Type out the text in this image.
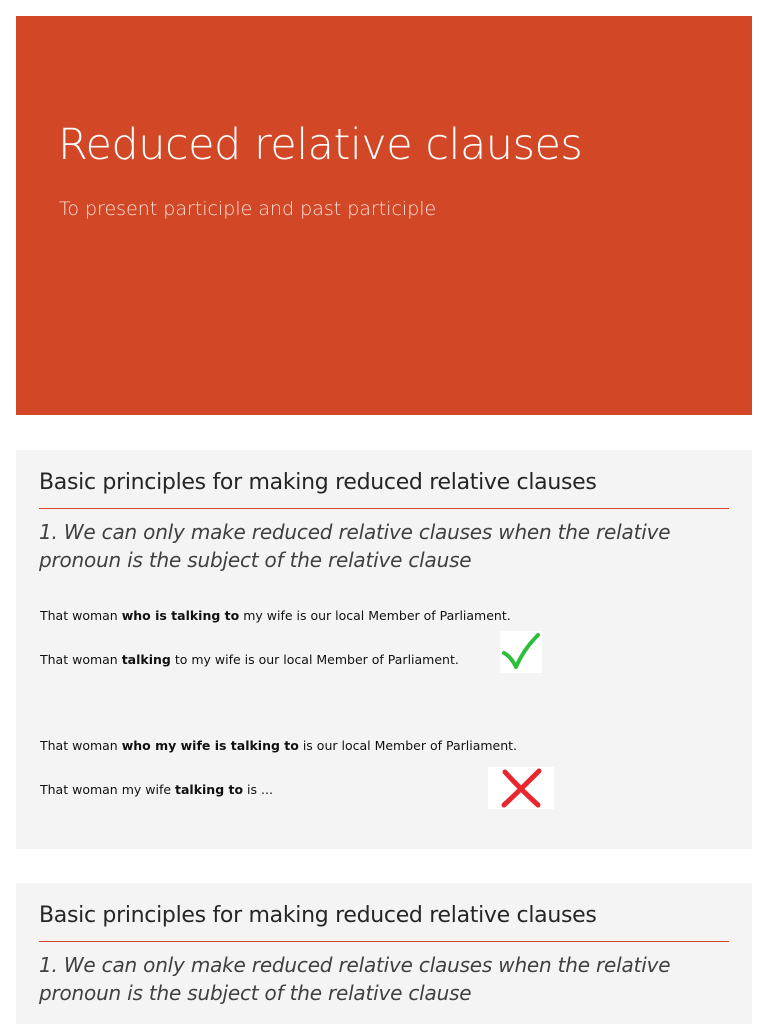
Reduced relative clauses

To present participle and past participle

Basic principles for making reduced relative clauses

1. We can only make reduced relative clauses when the relative pronoun is the subject of the relative clause

That woman who is talking to my wife is our local Member of Parliament.

That woman talking to my wife is our local Member of Parliament.

That woman who my wife is talking to is our local Member of Parliament.

That woman my wife talking to is ...

Basic principles for making reduced relative clauses

1. We can only make reduced relative clauses when the relative pronoun is the subject of the relative clause
